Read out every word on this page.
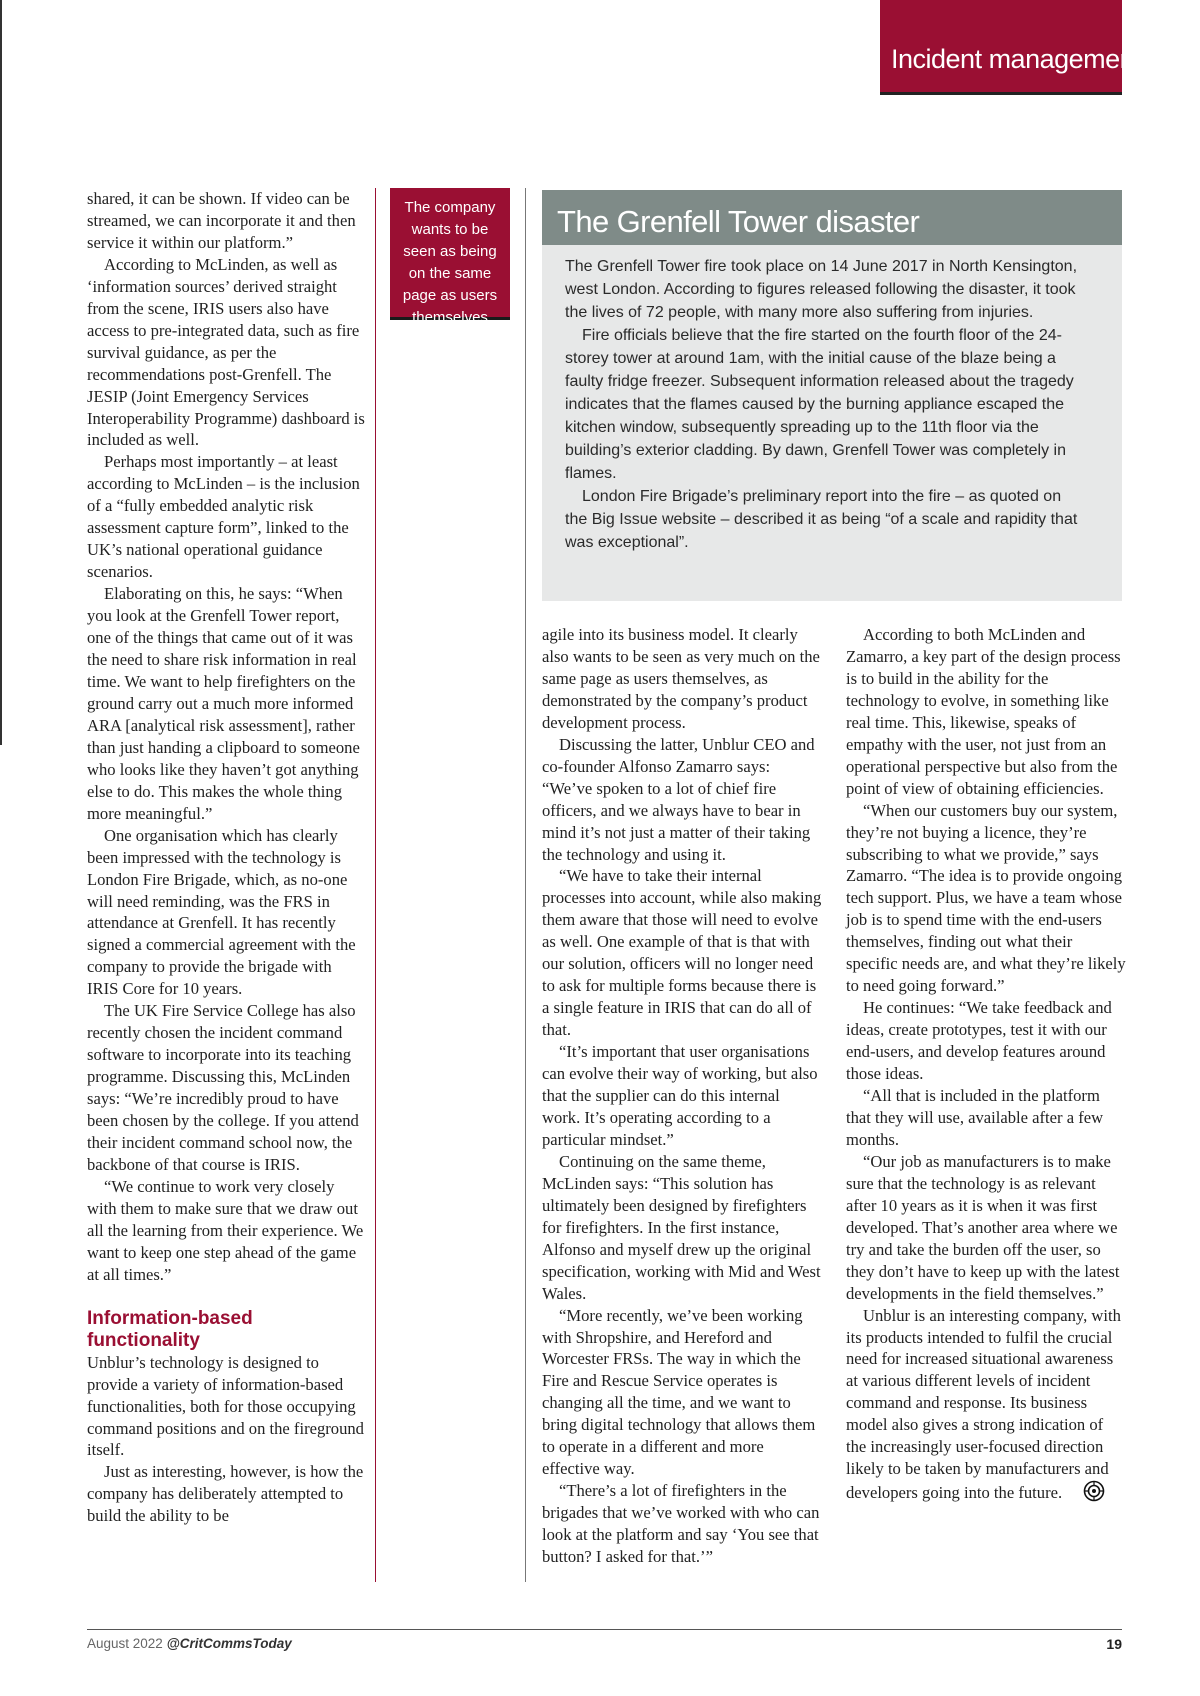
Incident management

shared, it can be shown. If video can be streamed, we can incorporate it and then service it within our platform.”

According to McLinden, as well as ‘information sources’ derived straight from the scene, IRIS users also have access to pre-integrated data, such as fire survival guidance, as per the recommendations post-Grenfell. The JESIP (Joint Emergency Services Interoperability Programme) dashboard is included as well.

Perhaps most importantly – at least according to McLinden – is the inclusion of a “fully embedded analytic risk assessment capture form”, linked to the UK’s national operational guidance scenarios.

Elaborating on this, he says: “When you look at the Grenfell Tower report, one of the things that came out of it was the need to share risk information in real time. We want to help firefighters on the ground carry out a much more informed ARA [analytical risk assessment], rather than just handing a clipboard to someone who looks like they haven’t got anything else to do. This makes the whole thing more meaningful.”

One organisation which has clearly been impressed with the technology is London Fire Brigade, which, as no-one will need reminding, was the FRS in attendance at Grenfell. It has recently signed a commercial agreement with the company to provide the brigade with IRIS Core for 10 years.

The UK Fire Service College has also recently chosen the incident command software to incorporate into its teaching programme. Discussing this, McLinden says: “We’re incredibly proud to have been chosen by the college. If you attend their incident command school now, the backbone of that course is IRIS.

“We continue to work very closely with them to make sure that we draw out all the learning from their experience. We want to keep one step ahead of the game at all times.”

Information-based functionality

Unblur’s technology is designed to provide a variety of information-based functionalities, both for those occupying command positions and on the fireground itself.

Just as interesting, however, is how the company has deliberately attempted to build the ability to be

The company wants to be seen as being on the same page as users themselves
The Grenfell Tower disaster

The Grenfell Tower fire took place on 14 June 2017 in North Kensington, west London. According to figures released following the disaster, it took the lives of 72 people, with many more also suffering from injuries.

Fire officials believe that the fire started on the fourth floor of the 24-storey tower at around 1am, with the initial cause of the blaze being a faulty fridge freezer. Subsequent information released about the tragedy indicates that the flames caused by the burning appliance escaped the kitchen window, subsequently spreading up to the 11th floor via the building’s exterior cladding. By dawn, Grenfell Tower was completely in flames.

London Fire Brigade’s preliminary report into the fire – as quoted on the Big Issue website – described it as being “of a scale and rapidity that was exceptional”.

agile into its business model. It clearly also wants to be seen as very much on the same page as users themselves, as demonstrated by the company’s product development process.

Discussing the latter, Unblur CEO and co-founder Alfonso Zamarro says: “We’ve spoken to a lot of chief fire officers, and we always have to bear in mind it’s not just a matter of their taking the technology and using it.

“We have to take their internal processes into account, while also making them aware that those will need to evolve as well. One example of that is that with our solution, officers will no longer need to ask for multiple forms because there is a single feature in IRIS that can do all of that.

“It’s important that user organisations can evolve their way of working, but also that the supplier can do this internal work. It’s operating according to a particular mindset.”

Continuing on the same theme, McLinden says: “This solution has ultimately been designed by firefighters for firefighters. In the first instance, Alfonso and myself drew up the original specification, working with Mid and West Wales.

“More recently, we’ve been working with Shropshire, and Hereford and Worcester FRSs. The way in which the Fire and Rescue Service operates is changing all the time, and we want to bring digital technology that allows them to operate in a different and more effective way.

“There’s a lot of firefighters in the brigades that we’ve worked with who can look at the platform and say ‘You see that button? I asked for that.’”

According to both McLinden and Zamarro, a key part of the design process is to build in the ability for the technology to evolve, in something like real time. This, likewise, speaks of empathy with the user, not just from an operational perspective but also from the point of view of obtaining efficiencies.

“When our customers buy our system, they’re not buying a licence, they’re subscribing to what we provide,” says Zamarro. “The idea is to provide ongoing tech support. Plus, we have a team whose job is to spend time with the end-users themselves, finding out what their specific needs are, and what they’re likely to need going forward.”

He continues: “We take feedback and ideas, create prototypes, test it with our end-users, and develop features around those ideas.

“All that is included in the platform that they will use, available after a few months.

“Our job as manufacturers is to make sure that the technology is as relevant after 10 years as it is when it was first developed. That’s another area where we try and take the burden off the user, so they don’t have to keep up with the latest developments in the field themselves.”

Unblur is an interesting company, with its products intended to fulfil the crucial need for increased situational awareness at various different levels of incident command and response. Its business model also gives a strong indication of the increasingly user-focused direction likely to be taken by manufacturers and developers going into the future.

August 2022 @CritCommsToday	19
